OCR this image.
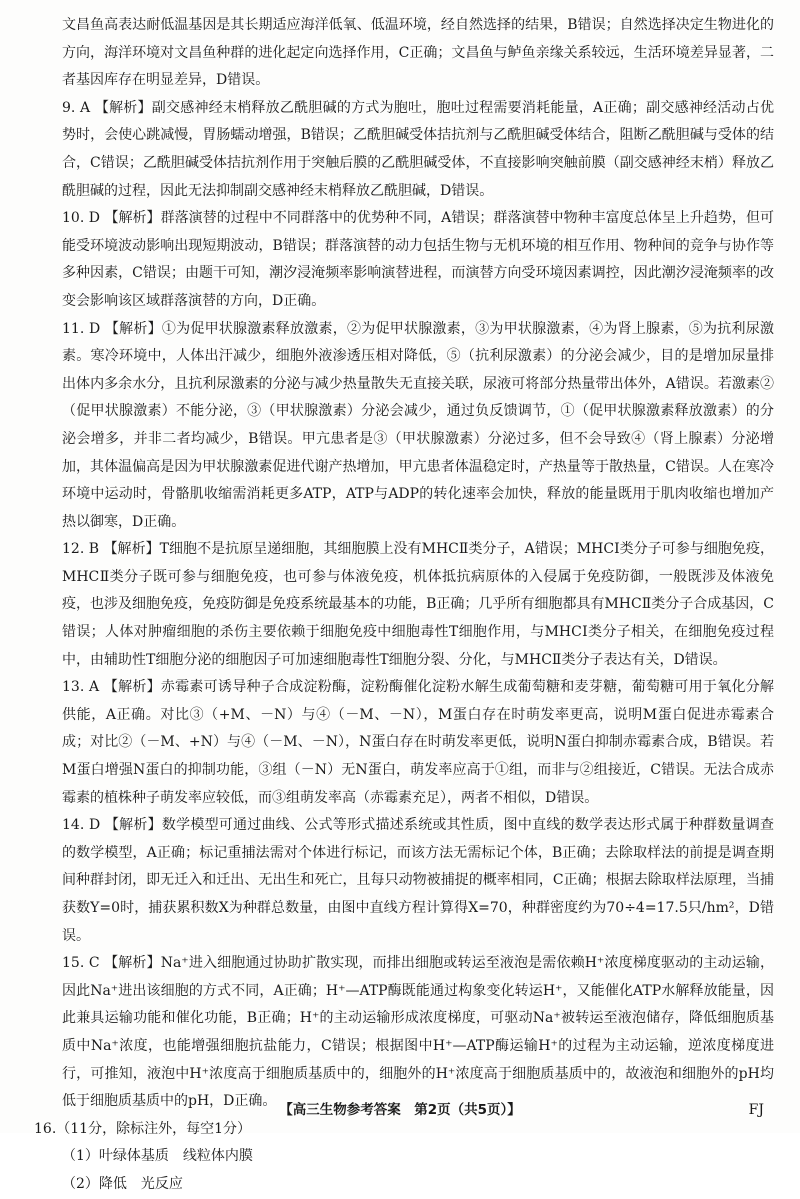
文昌鱼高表达耐低温基因是其长期适应海洋低氧、低温环境，经自然选择的结果，B错误；自然选择决定生物进化的方向，海洋环境对文昌鱼种群的进化起定向选择作用，C正确；文昌鱼与鲈鱼亲缘关系较远，生活环境差异显著，二者基因库存在明显差异，D错误。

9. A 【解析】副交感神经末梢释放乙酰胆碱的方式为胞吐，胞吐过程需要消耗能量，A正确；副交感神经活动占优势时，会使心跳减慢，胃肠蠕动增强，B错误；乙酰胆碱受体拮抗剂与乙酰胆碱受体结合，阻断乙酰胆碱与受体的结合，C错误；乙酰胆碱受体拮抗剂作用于突触后膜的乙酰胆碱受体，不直接影响突触前膜（副交感神经末梢）释放乙酰胆碱的过程，因此无法抑制副交感神经末梢释放乙酰胆碱，D错误。

10. D 【解析】群落演替的过程中不同群落中的优势种不同，A错误；群落演替中物种丰富度总体呈上升趋势，但可能受环境波动影响出现短期波动，B错误；群落演替的动力包括生物与无机环境的相互作用、物种间的竞争与协作等多种因素，C错误；由题干可知，潮汐浸淹频率影响演替进程，而演替方向受环境因素调控，因此潮汐浸淹频率的改变会影响该区域群落演替的方向，D正确。

11. D 【解析】①为促甲状腺激素释放激素，②为促甲状腺激素，③为甲状腺激素，④为肾上腺素，⑤为抗利尿激素。寒冷环境中，人体出汗减少，细胞外液渗透压相对降低，⑤（抗利尿激素）的分泌会减少，目的是增加尿量排出体内多余水分，且抗利尿激素的分泌与减少热量散失无直接关联，尿液可将部分热量带出体外，A错误。若激素②（促甲状腺激素）不能分泌，③（甲状腺激素）分泌会减少，通过负反馈调节，①（促甲状腺激素释放激素）的分泌会增多，并非二者均减少，B错误。甲亢患者是③（甲状腺激素）分泌过多，但不会导致④（肾上腺素）分泌增加，其体温偏高是因为甲状腺激素促进代谢产热增加，甲亢患者体温稳定时，产热量等于散热量，C错误。人在寒冷环境中运动时，骨骼肌收缩需消耗更多ATP，ATP与ADP的转化速率会加快，释放的能量既用于肌肉收缩也增加产热以御寒，D正确。

12. B 【解析】T细胞不是抗原呈递细胞，其细胞膜上没有MHCⅡ类分子，A错误；MHCⅠ类分子可参与细胞免疫，MHCⅡ类分子既可参与细胞免疫，也可参与体液免疫，机体抵抗病原体的入侵属于免疫防御，一般既涉及体液免疫，也涉及细胞免疫，免疫防御是免疫系统最基本的功能，B正确；几乎所有细胞都具有MHCⅡ类分子合成基因，C错误；人体对肿瘤细胞的杀伤主要依赖于细胞免疫中细胞毒性T细胞作用，与MHCⅠ类分子相关，在细胞免疫过程中，由辅助性T细胞分泌的细胞因子可加速细胞毒性T细胞分裂、分化，与MHCⅡ类分子表达有关，D错误。

13. A 【解析】赤霉素可诱导种子合成淀粉酶，淀粉酶催化淀粉水解生成葡萄糖和麦芽糖，葡萄糖可用于氧化分解供能，A正确。对比③（+M、－N）与④（－M、－N），M蛋白存在时萌发率更高，说明M蛋白促进赤霉素合成；对比②（－M、+N）与④（－M、－N），N蛋白存在时萌发率更低，说明N蛋白抑制赤霉素合成，B错误。若M蛋白增强N蛋白的抑制功能，③组（－N）无N蛋白，萌发率应高于①组，而非与②组接近，C错误。无法合成赤霉素的植株种子萌发率应较低，而③组萌发率高（赤霉素充足），两者不相似，D错误。

14. D 【解析】数学模型可通过曲线、公式等形式描述系统或其性质，图中直线的数学表达形式属于种群数量调查的数学模型，A正确；标记重捕法需对个体进行标记，而该方法无需标记个体，B正确；去除取样法的前提是调查期间种群封闭，即无迁入和迁出、无出生和死亡，且每只动物被捕捉的概率相同，C正确；根据去除取样法原理，当捕获数Y=0时，捕获累积数X为种群总数量，由图中直线方程计算得X=70，种群密度约为70÷4=17.5只/hm²，D错误。

15. C 【解析】Na⁺进入细胞通过协助扩散实现，而排出细胞或转运至液泡是需依赖H⁺浓度梯度驱动的主动运输，因此Na⁺进出该细胞的方式不同，A正确；H⁺—ATP酶既能通过构象变化转运H⁺，又能催化ATP水解释放能量，因此兼具运输功能和催化功能，B正确；H⁺的主动运输形成浓度梯度，可驱动Na⁺被转运至液泡储存，降低细胞质基质中Na⁺浓度，也能增强细胞抗盐能力，C错误；根据图中H⁺—ATP酶运输H⁺的过程为主动运输，逆浓度梯度进行，可推知，液泡中H⁺浓度高于细胞质基质中的，细胞外的H⁺浓度高于细胞质基质中的，故液泡和细胞外的pH均低于细胞质基质中的pH，D正确。

16.（11分，除标注外，每空1分）

（1）叶绿体基质　线粒体内膜

（2）降低　光反应

【高三生物参考答案　第2页（共5页）】	FJ
